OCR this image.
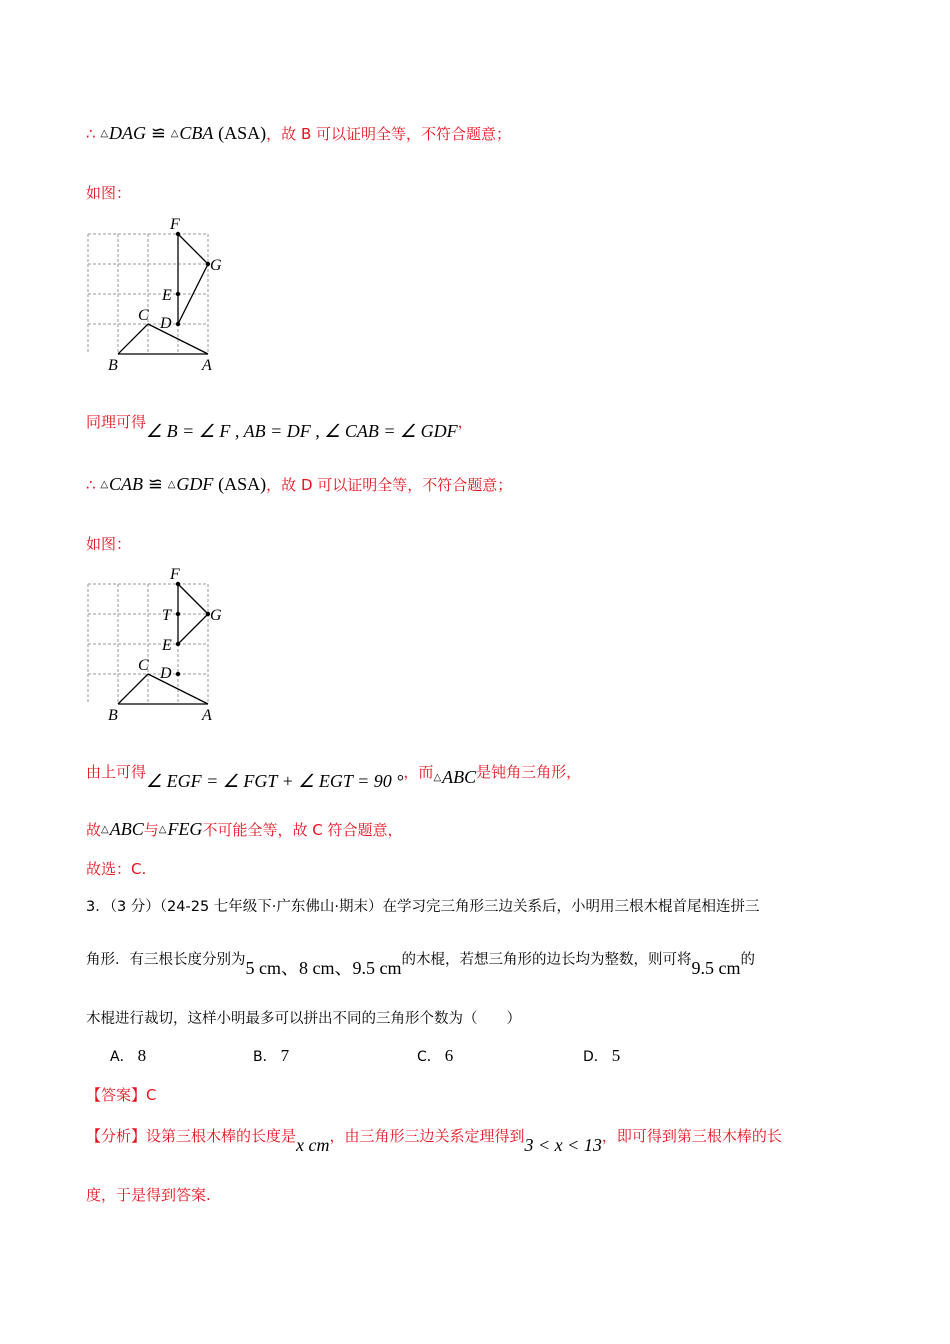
∴ △DAG ≌ △CBA (ASA)，故 B 可以证明全等，不符合题意；
如图：
F
G
E
D
C
B	A
同理可得∠ B = ∠ F , AB = DF , ∠ CAB = ∠ GDF，
∴ △CAB ≌ △GDF (ASA)，故 D 可以证明全等，不符合题意；
如图：
F
T G
E
C D
B	A
由上可得∠ EGF = ∠ FGT + ∠ EGT = 90 °，而△ABC是钝角三角形，
故△ABC与△FEG不可能全等，故 C 符合题意，
故选：C.
3．（3 分）（24-25 七年级下·广东佛山·期末）在学习完三角形三边关系后，小明用三根木棍首尾相连拼三
角形．有三根长度分别为5 cm、8 cm、9.5 cm的木棍，若想三角形的边长均为整数，则可将9.5 cm的
木棍进行裁切，这样小明最多可以拼出不同的三角形个数为（　　）
A． 8	B． 7	C． 6	D． 5
【答案】C
【分析】设第三根木棒的长度是x cm，由三角形三边关系定理得到3 < x < 13，即可得到第三根木棒的长
度，于是得到答案.
